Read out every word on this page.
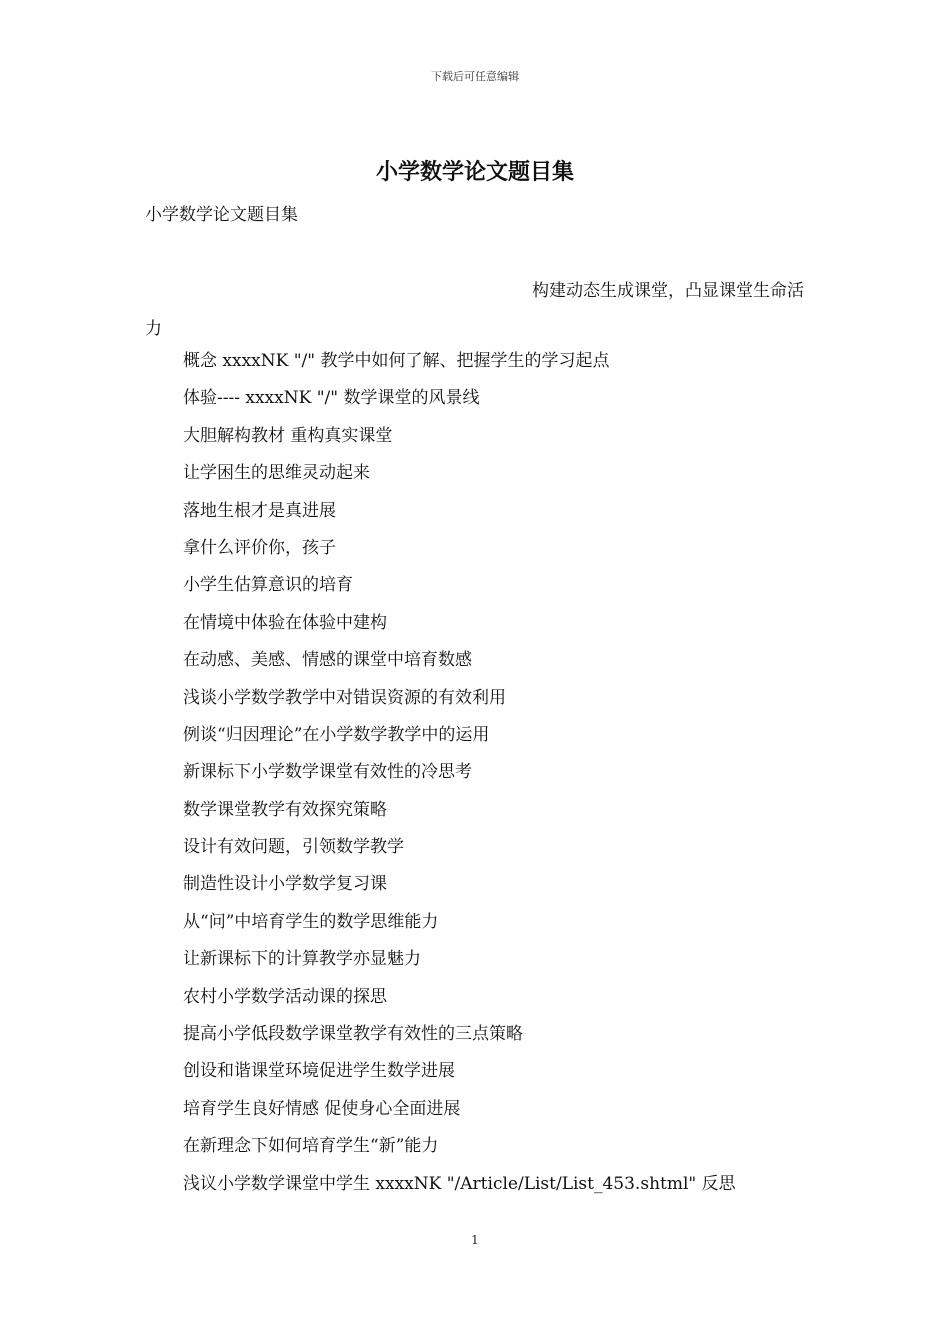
下载后可任意编辑
小学数学论文题目集

小学数学论文题目集

构建动态生成课堂，凸显课堂生命活

力

概念 xxxxNK "/" 教学中如何了解、把握学生的学习起点
体验---- xxxxNK "/" 数学课堂的风景线
大胆解构教材 重构真实课堂
让学困生的思维灵动起来
落地生根才是真进展
拿什么评价你，孩子
小学生估算意识的培育
在情境中体验在体验中建构
在动感、美感、情感的课堂中培育数感
浅谈小学数学教学中对错误资源的有效利用
例谈“归因理论”在小学数学教学中的运用
新课标下小学数学课堂有效性的冷思考
数学课堂教学有效探究策略
设计有效问题，引领数学教学
制造性设计小学数学复习课
从“问”中培育学生的数学思维能力
让新课标下的计算教学亦显魅力
农村小学数学活动课的探思
提高小学低段数学课堂教学有效性的三点策略
创设和谐课堂环境促进学生数学进展
培育学生良好情感 促使身心全面进展
在新理念下如何培育学生“新”能力
浅议小学数学课堂中学生 xxxxNK "/Article/List/List_453.shtml" 反思
1
